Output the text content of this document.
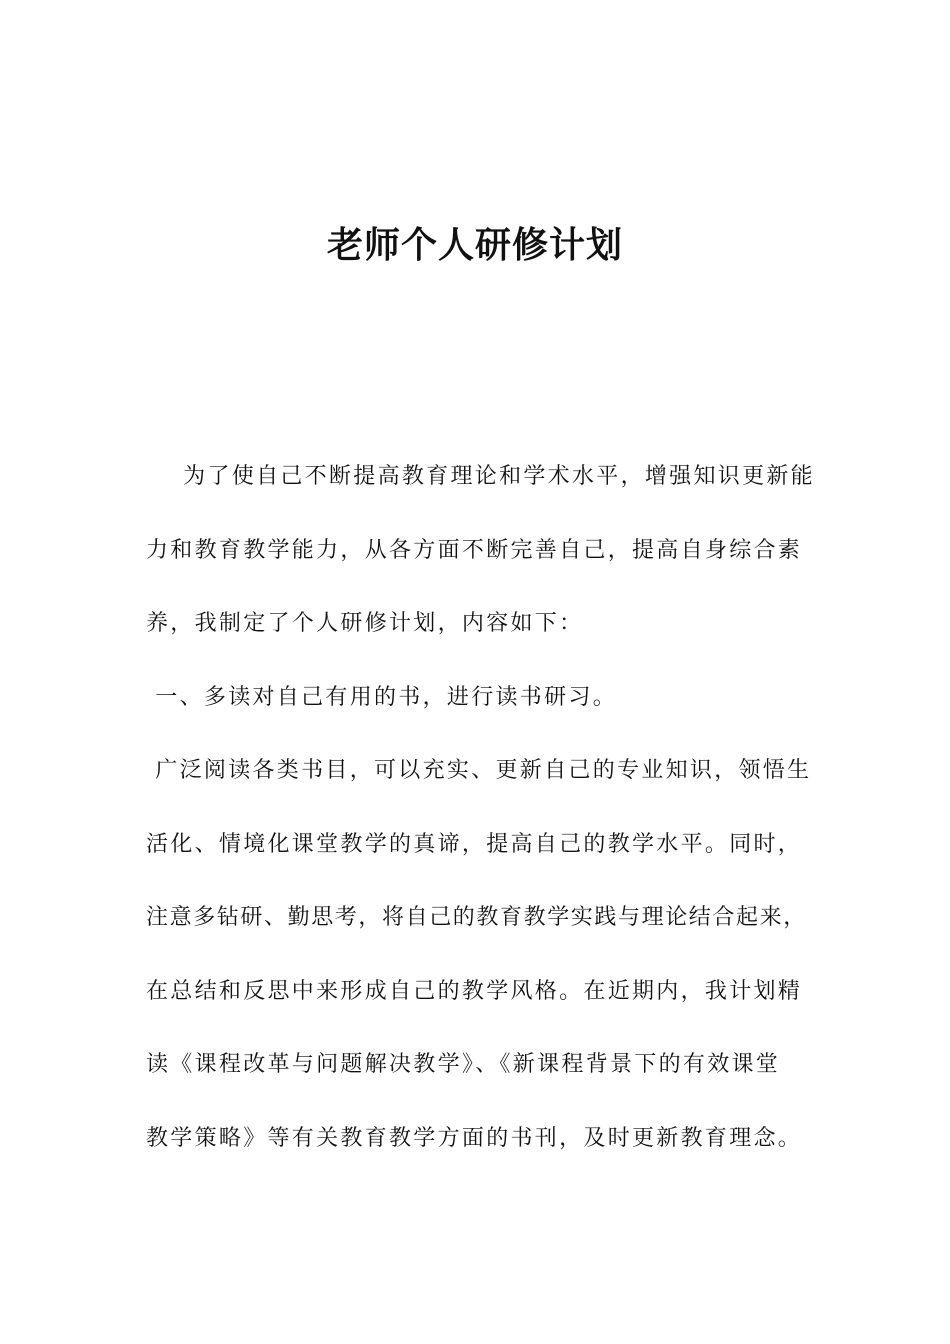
老师个人研修计划
为了使自己不断提高教育理论和学术水平，增强知识更新能
力和教育教学能力，从各方面不断完善自己，提高自身综合素
养，我制定了个人研修计划，内容如下：
一、多读对自己有用的书，进行读书研习。
广泛阅读各类书目，可以充实、更新自己的专业知识，领悟生
活化、情境化课堂教学的真谛，提高自己的教学水平。同时，
注意多钻研、勤思考，将自己的教育教学实践与理论结合起来，
在总结和反思中来形成自己的教学风格。在近期内，我计划精
读《课程改革与问题解决教学》、《新课程背景下的有效课堂
教学策略》等有关教育教学方面的书刊，及时更新教育理念。
